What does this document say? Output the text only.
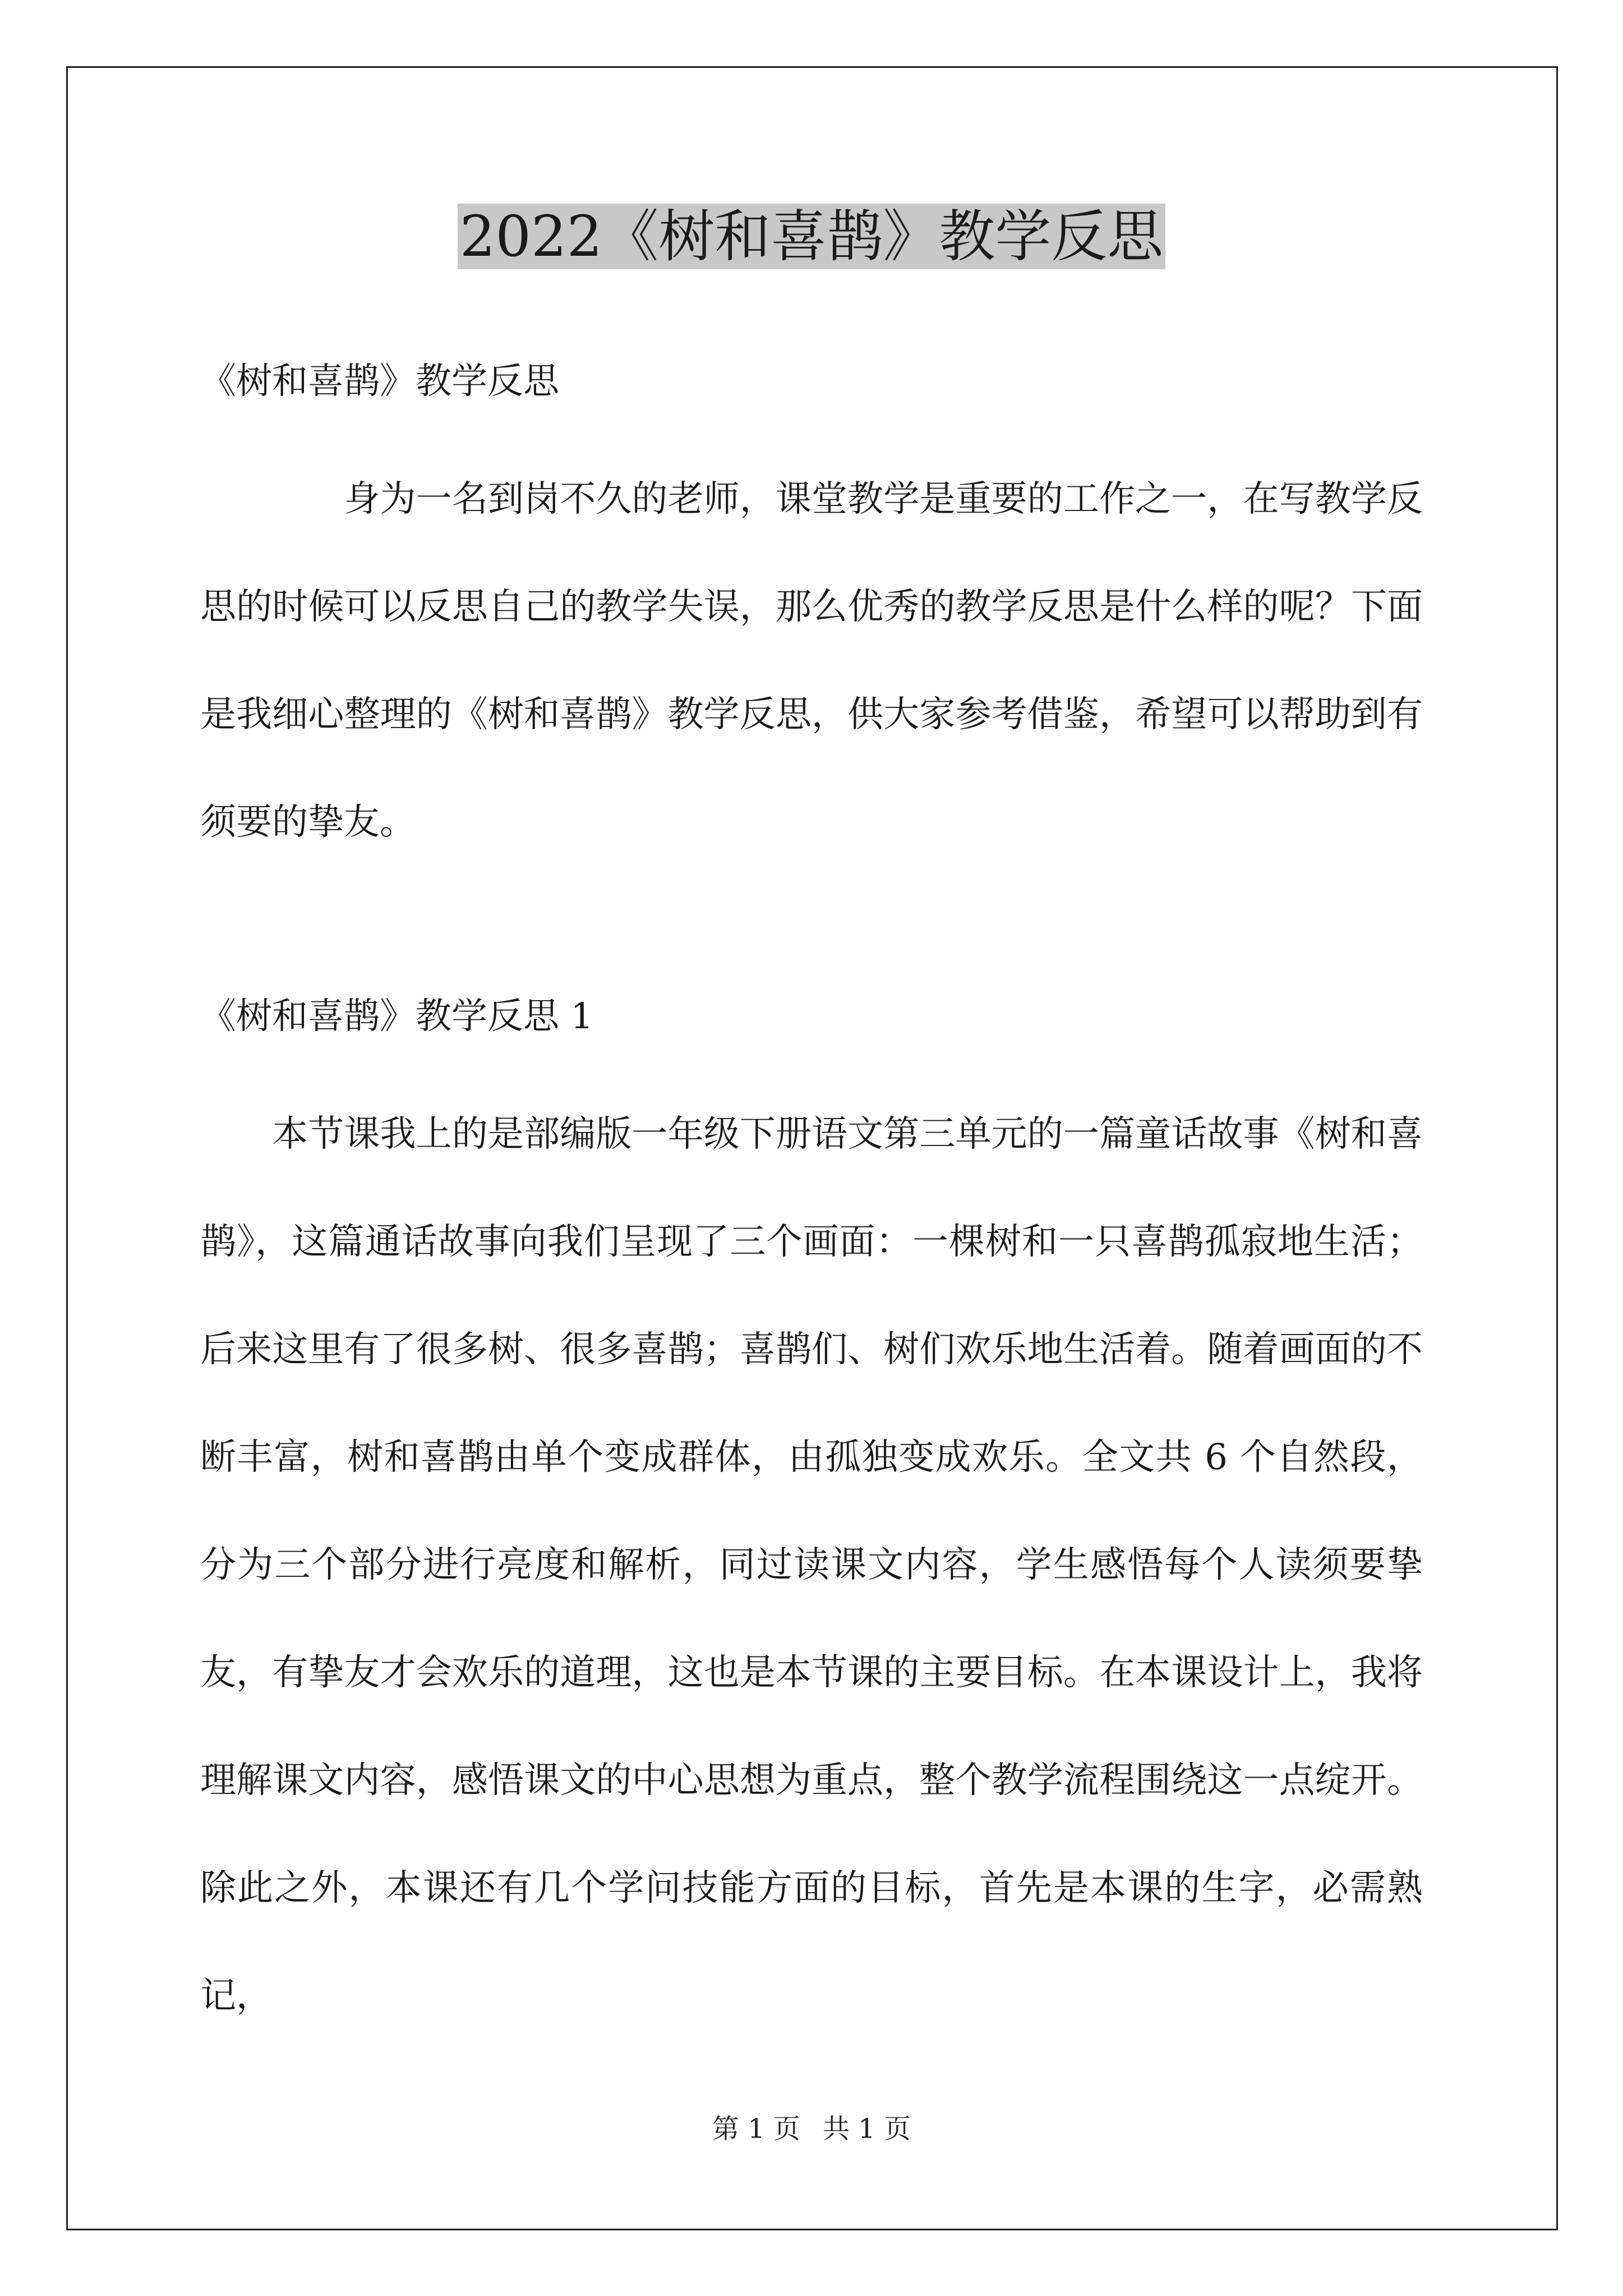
2022《树和喜鹊》教学反思
《树和喜鹊》教学反思
　　　　身为一名到岗不久的老师，课堂教学是重要的工作之一，在写教学反思的时候可以反思自己的教学失误，那么优秀的教学反思是什么样的呢？下面是我细心整理的《树和喜鹊》教学反思，供大家参考借鉴，希望可以帮助到有须要的挚友。
《树和喜鹊》教学反思 1
　　本节课我上的是部编版一年级下册语文第三单元的一篇童话故事《树和喜鹊》，这篇通话故事向我们呈现了三个画面：一棵树和一只喜鹊孤寂地生活；后来这里有了很多树、很多喜鹊；喜鹊们、树们欢乐地生活着。随着画面的不断丰富，树和喜鹊由单个变成群体，由孤独变成欢乐。全文共 6 个自然段，分为三个部分进行亮度和解析，同过读课文内容，学生感悟每个人读须要挚友，有挚友才会欢乐的道理，这也是本节课的主要目标。在本课设计上，我将理解课文内容，感悟课文的中心思想为重点，整个教学流程围绕这一点绽开。除此之外，本课还有几个学问技能方面的目标，首先是本课的生字，必需熟记，
第 1 页 共 1 页
